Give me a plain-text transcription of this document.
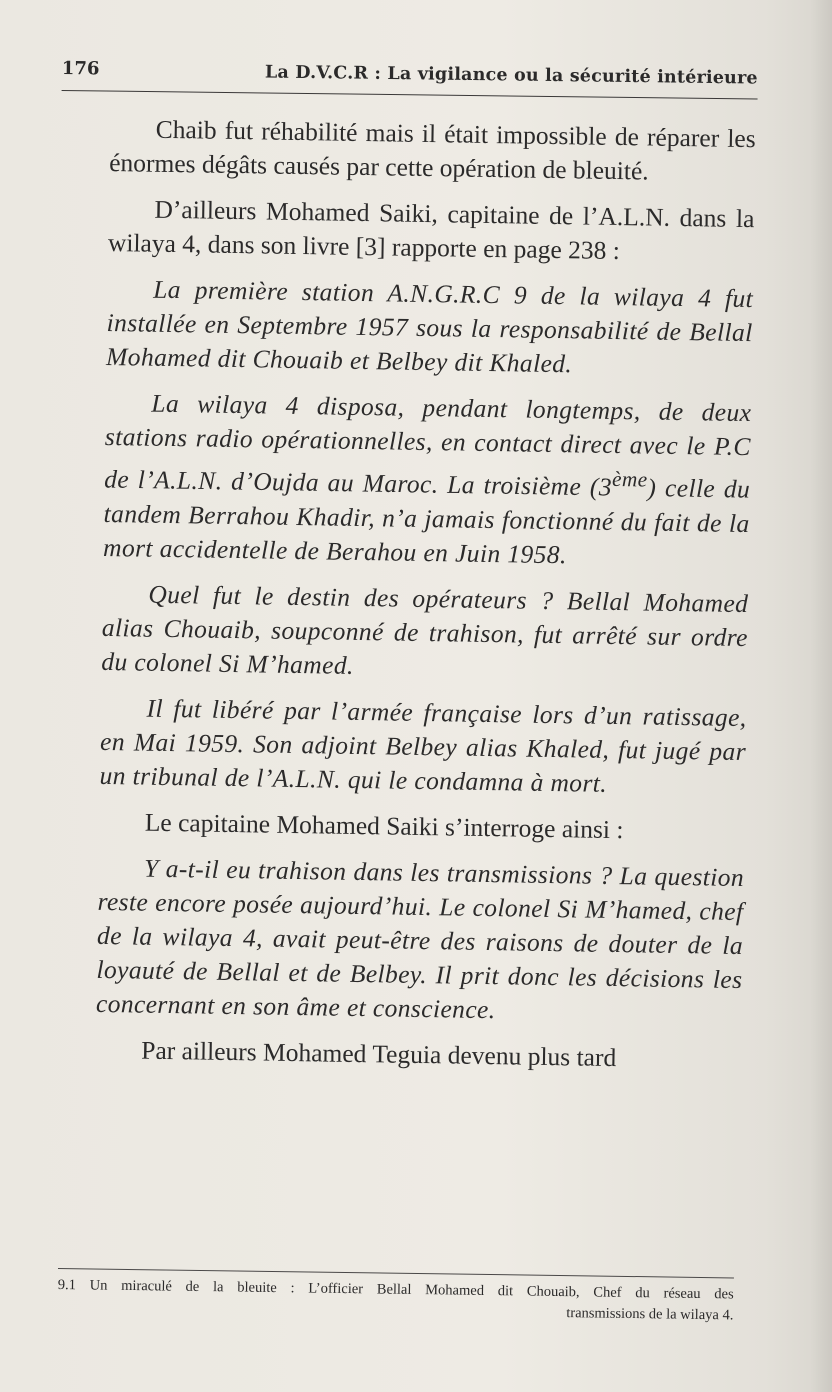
176	La D.V.C.R : La vigilance ou la sécurité intérieure

Chaib fut réhabilité mais il était impossible de réparer les énormes dégâts causés par cette opération de bleuité.

D’ailleurs Mohamed Saiki, capitaine de l’A.L.N. dans la wilaya 4, dans son livre [3] rapporte en page 238 :

La première station A.N.G.R.C 9 de la wilaya 4 fut installée en Septembre 1957 sous la responsabilité de Bellal Mohamed dit Chouaib et Belbey dit Khaled.

La wilaya 4 disposa, pendant longtemps, de deux stations radio opérationnelles, en contact direct avec le P.C de l’A.L.N. d’Oujda au Maroc. La troisième (3ème) celle du tandem Berrahou Khadir, n’a jamais fonctionné du fait de la mort accidentelle de Berahou en Juin 1958.

Quel fut le destin des opérateurs ? Bellal Mohamed alias Chouaib, soupconné de trahison, fut arrêté sur ordre du colonel Si M’hamed.

Il fut libéré par l’armée française lors d’un ratissage, en Mai 1959. Son adjoint Belbey alias Khaled, fut jugé par un tribunal de l’A.L.N. qui le condamna à mort.

Le capitaine Mohamed Saiki s’interroge ainsi :

Y a-t-il eu trahison dans les transmissions ? La question reste encore posée aujourd’hui. Le colonel Si M’hamed, chef de la wilaya 4, avait peut-être des raisons de douter de la loyauté de Bellal et de Belbey. Il prit donc les décisions les concernant en son âme et conscience.

Par ailleurs Mohamed Teguia devenu plus tard

9.1 Un miraculé de la bleuite : L’officier Bellal Mohamed dit Chouaib, Chef du réseau des
transmissions de la wilaya 4.
